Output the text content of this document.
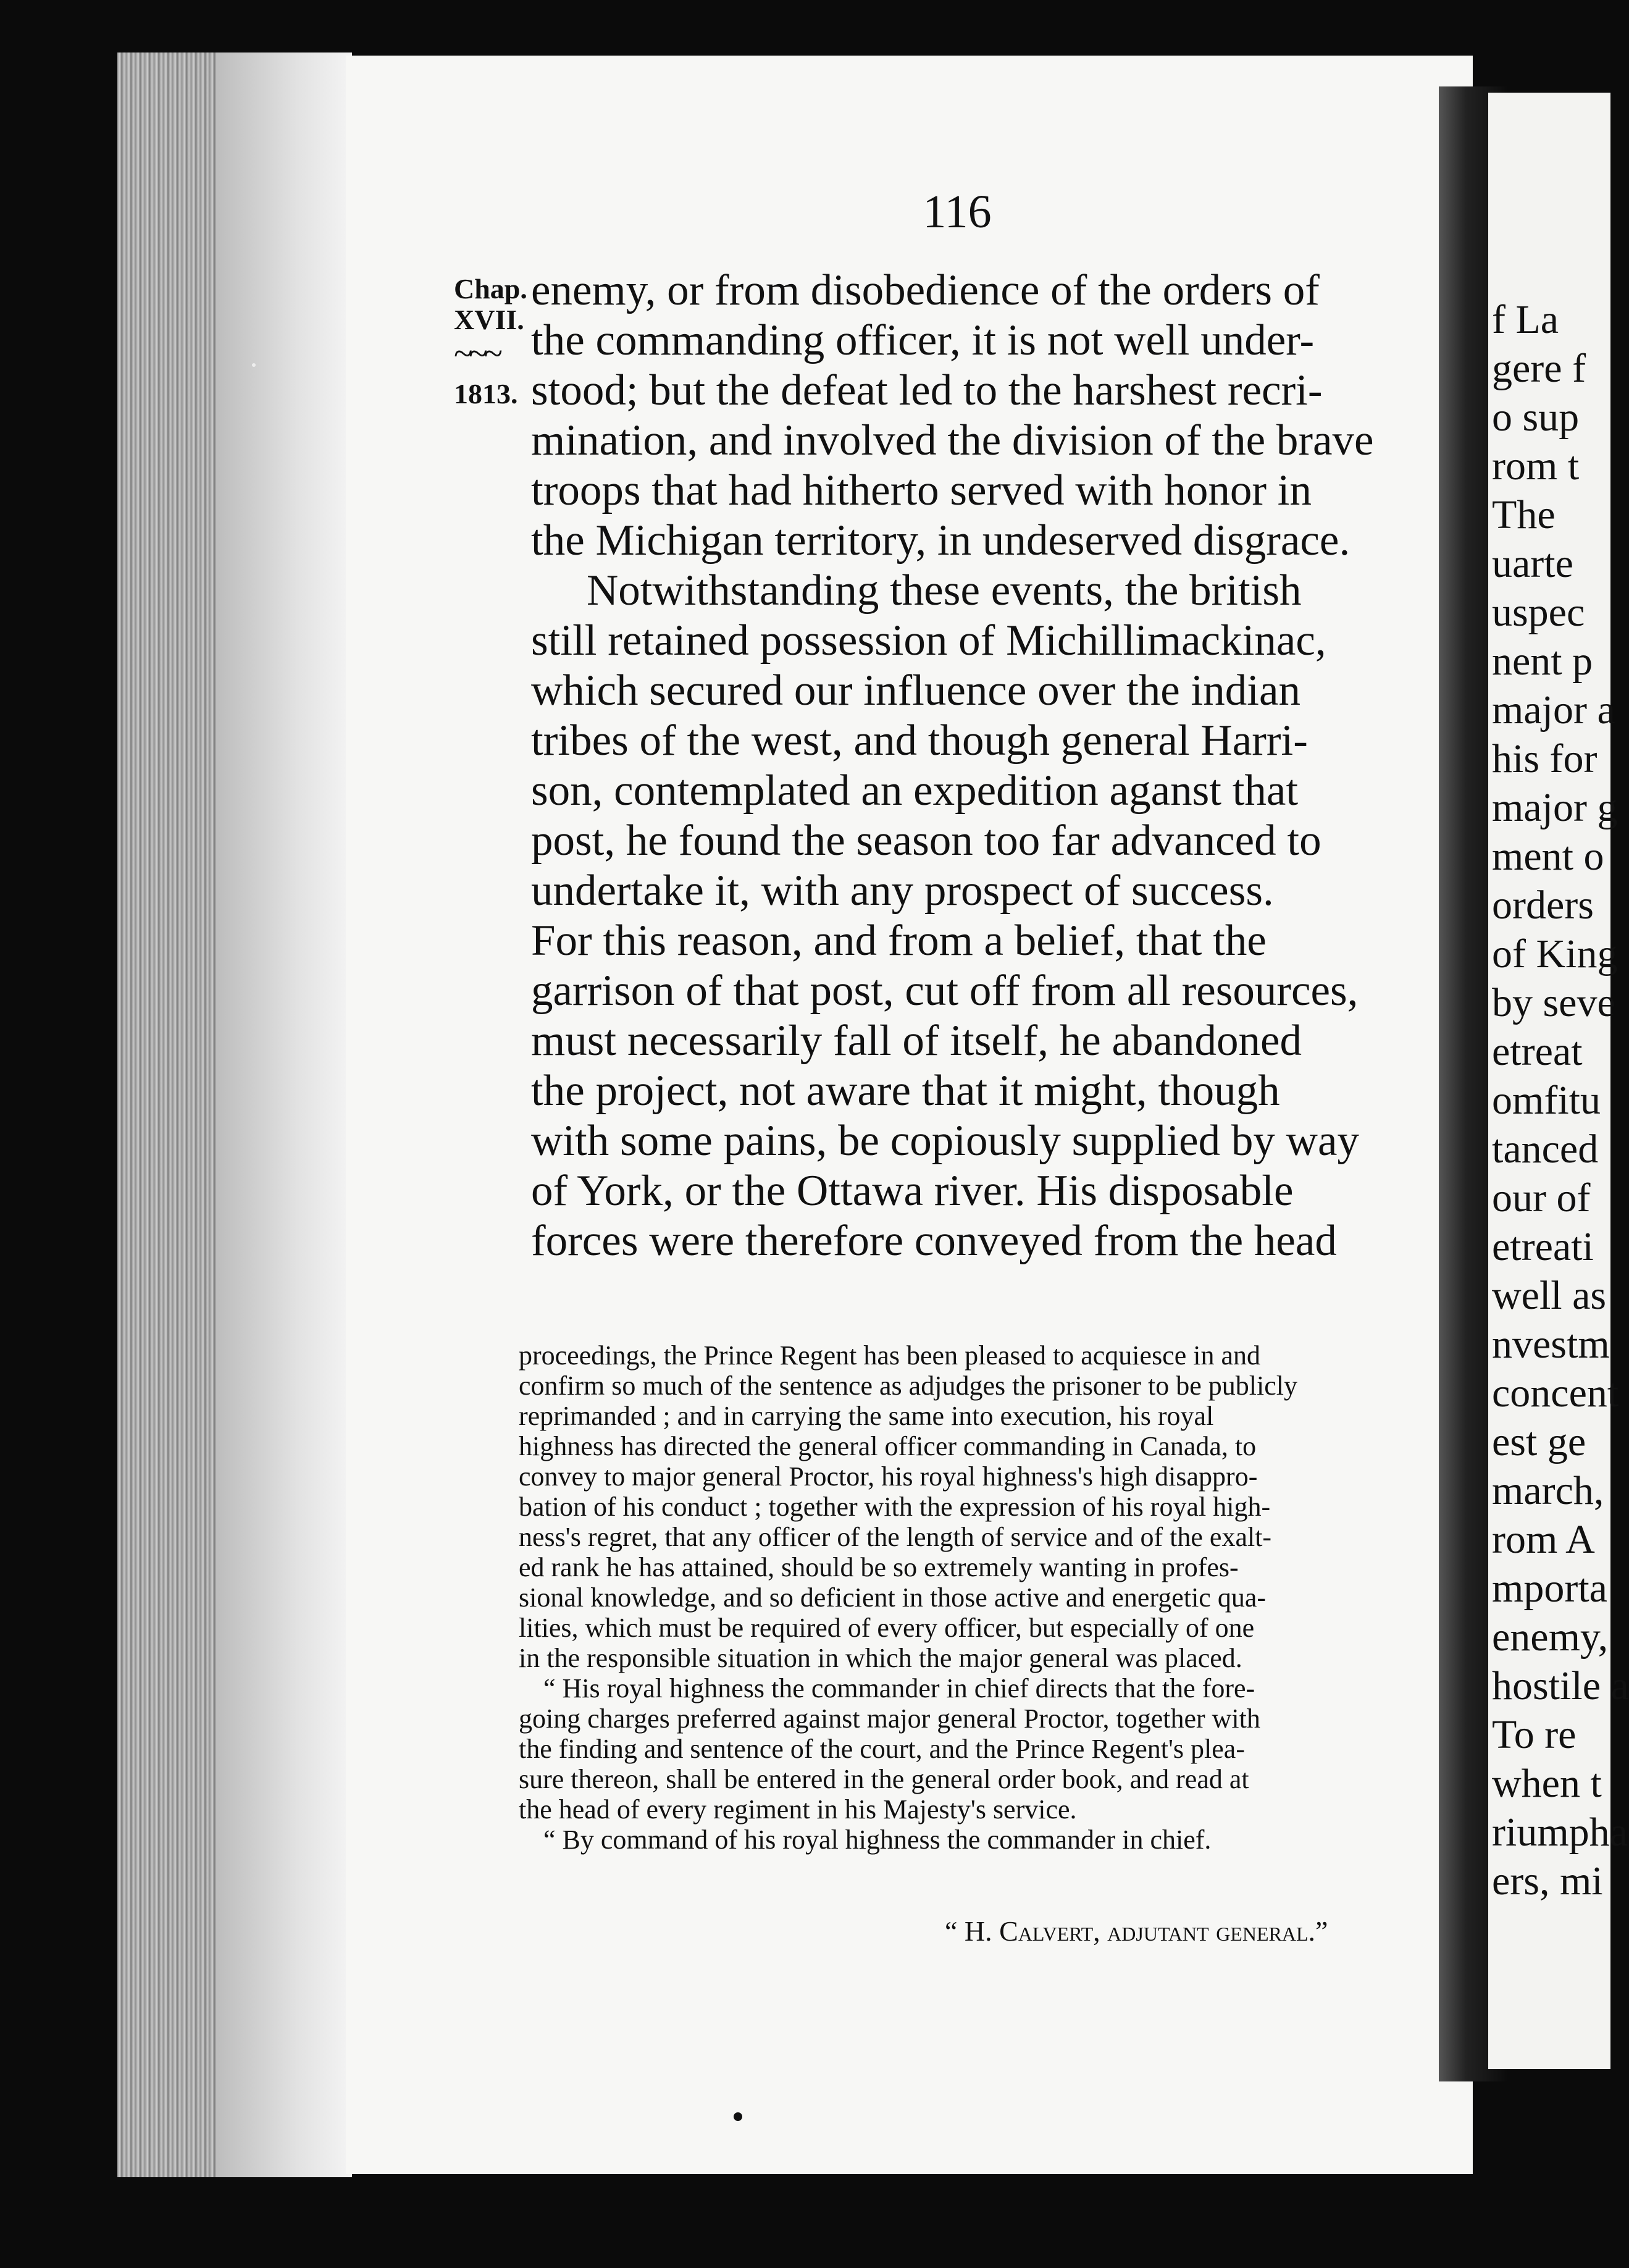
116
Chap.
XVII.
~~~
1813.
enemy, or from disobedience of the orders of
the commanding officer, it is not well under-
stood; but the defeat led to the harshest recri-
mination, and involved the division of the brave
troops that had hitherto served with honor in
the Michigan territory, in undeserved disgrace.
Notwithstanding these events, the british
still retained possession of Michillimackinac,
which secured our influence over the indian
tribes of the west, and though general Harri-
son, contemplated an expedition aganst that
post, he found the season too far advanced to
undertake it, with any prospect of success.
For this reason, and from a belief, that the
garrison of that post, cut off from all resources,
must necessarily fall of itself, he abandoned
the project, not aware that it might, though
with some pains, be copiously supplied by way
of York, or the Ottawa river. His disposable
forces were therefore conveyed from the head
proceedings, the Prince Regent has been pleased to acquiesce in and
confirm so much of the sentence as adjudges the prisoner to be publicly
reprimanded ; and in carrying the same into execution, his royal
highness has directed the general officer commanding in Canada, to
convey to major general Proctor, his royal highness's high disappro-
bation of his conduct ; together with the expression of his royal high-
ness's regret, that any officer of the length of service and of the exalt-
ed rank he has attained, should be so extremely wanting in profes-
sional knowledge, and so deficient in those active and energetic qua-
lities, which must be required of every officer, but especially of one
in the responsible situation in which the major general was placed.
“ His royal highness the commander in chief directs that the fore-
going charges preferred against major general Proctor, together with
the finding and sentence of the court, and the Prince Regent's plea-
sure thereon, shall be entered in the general order book, and read at
the head of every regiment in his Majesty's service.
“ By command of his royal highness the commander in chief.
“ H. Calvert, adjutant general.”
f La
gere f
o sup
rom t
The
uarte
uspec
nent p
major a
his for
major g
ment o
orders
of King
by seve
etreat
omfitu
tanced
our of
etreati
well as
nvestm
concent
est ge
march,
rom A
mporta
enemy,
hostile a
To re
when t
riumpha
ers, mi
